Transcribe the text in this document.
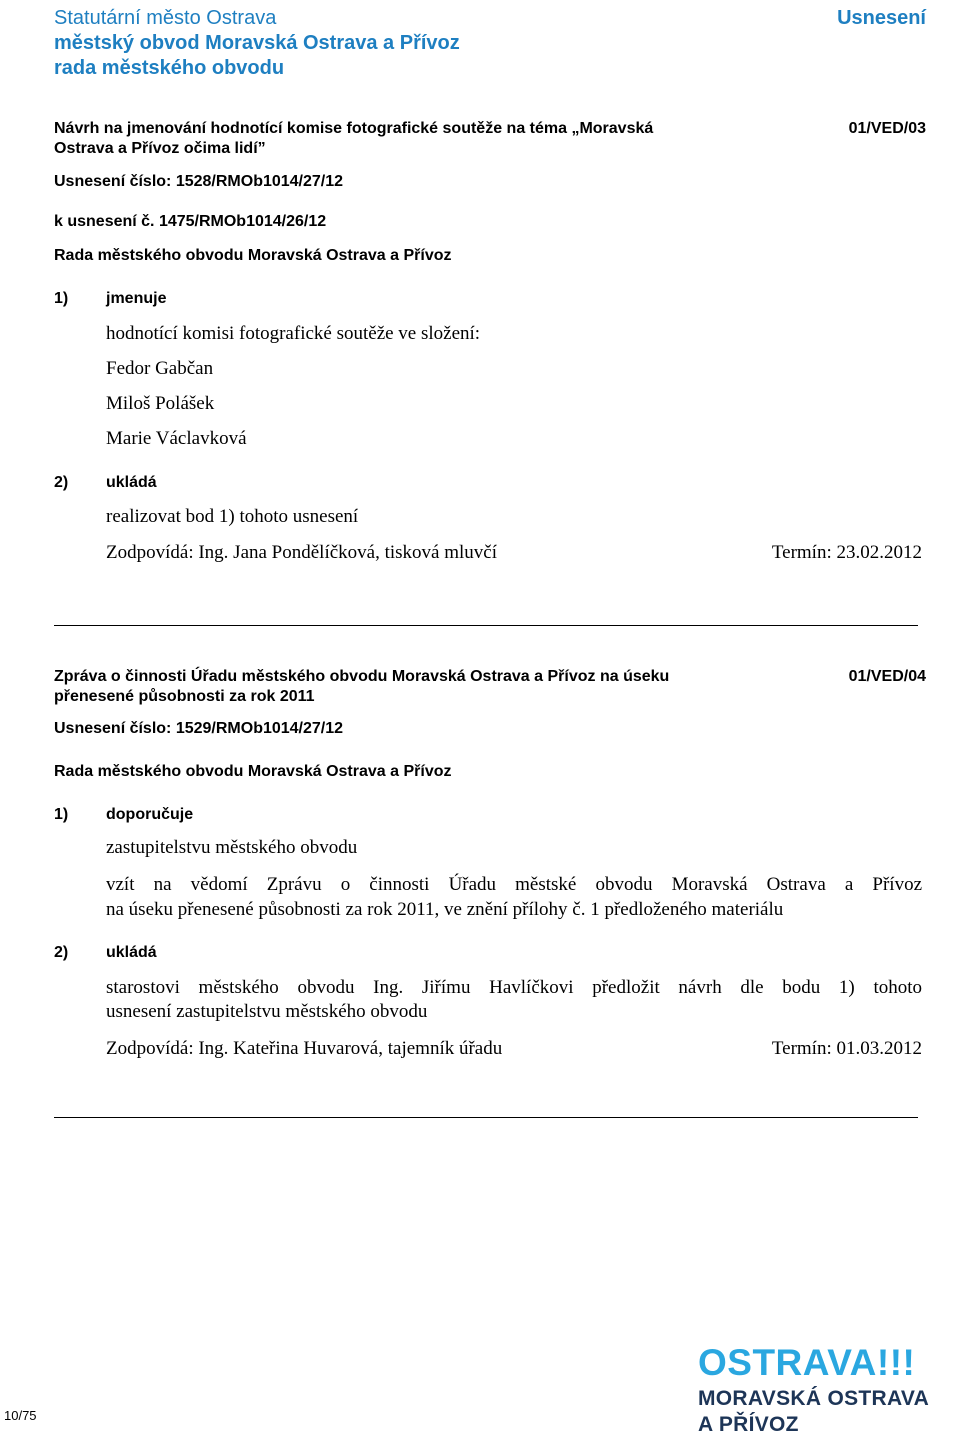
Statutární město Ostrava
městský obvod Moravská Ostrava a Přívoz
rada městského obvodu
Usnesení
Návrh na jmenování hodnotící komise fotografické soutěže na téma „Moravská
Ostrava a Přívoz očima lidí”
01/VED/03
Usnesení číslo: 1528/RMOb1014/27/12
k usnesení č. 1475/RMOb1014/26/12
Rada městského obvodu Moravská Ostrava a Přívoz
1) jmenuje
hodnotící komisi fotografické soutěže ve složení:
Fedor Gabčan
Miloš Polášek
Marie Václavková
2) ukládá
realizovat bod 1) tohoto usnesení
Zodpovídá: Ing. Jana Pondělíčková, tisková mluvčí	Termín: 23.02.2012
Zpráva o činnosti Úřadu městského obvodu Moravská Ostrava a Přívoz na úseku
přenesené působnosti za rok 2011
01/VED/04
Usnesení číslo: 1529/RMOb1014/27/12
Rada městského obvodu Moravská Ostrava a Přívoz
1) doporučuje
zastupitelstvu městského obvodu
vzít na vědomí Zprávu o činnosti Úřadu městské obvodu Moravská Ostrava a Přívoz
na úseku přenesené působnosti za rok 2011, ve znění přílohy č. 1 předloženého materiálu
2) ukládá
starostovi městského obvodu Ing. Jiřímu Havlíčkovi předložit návrh dle bodu 1) tohoto
usnesení zastupitelstvu městského obvodu
Zodpovídá: Ing. Kateřina Huvarová, tajemník úřadu	Termín: 01.03.2012
10/75
OSTRAVA!!!
MORAVSKÁ OSTRAVA
A PŘÍVOZ
